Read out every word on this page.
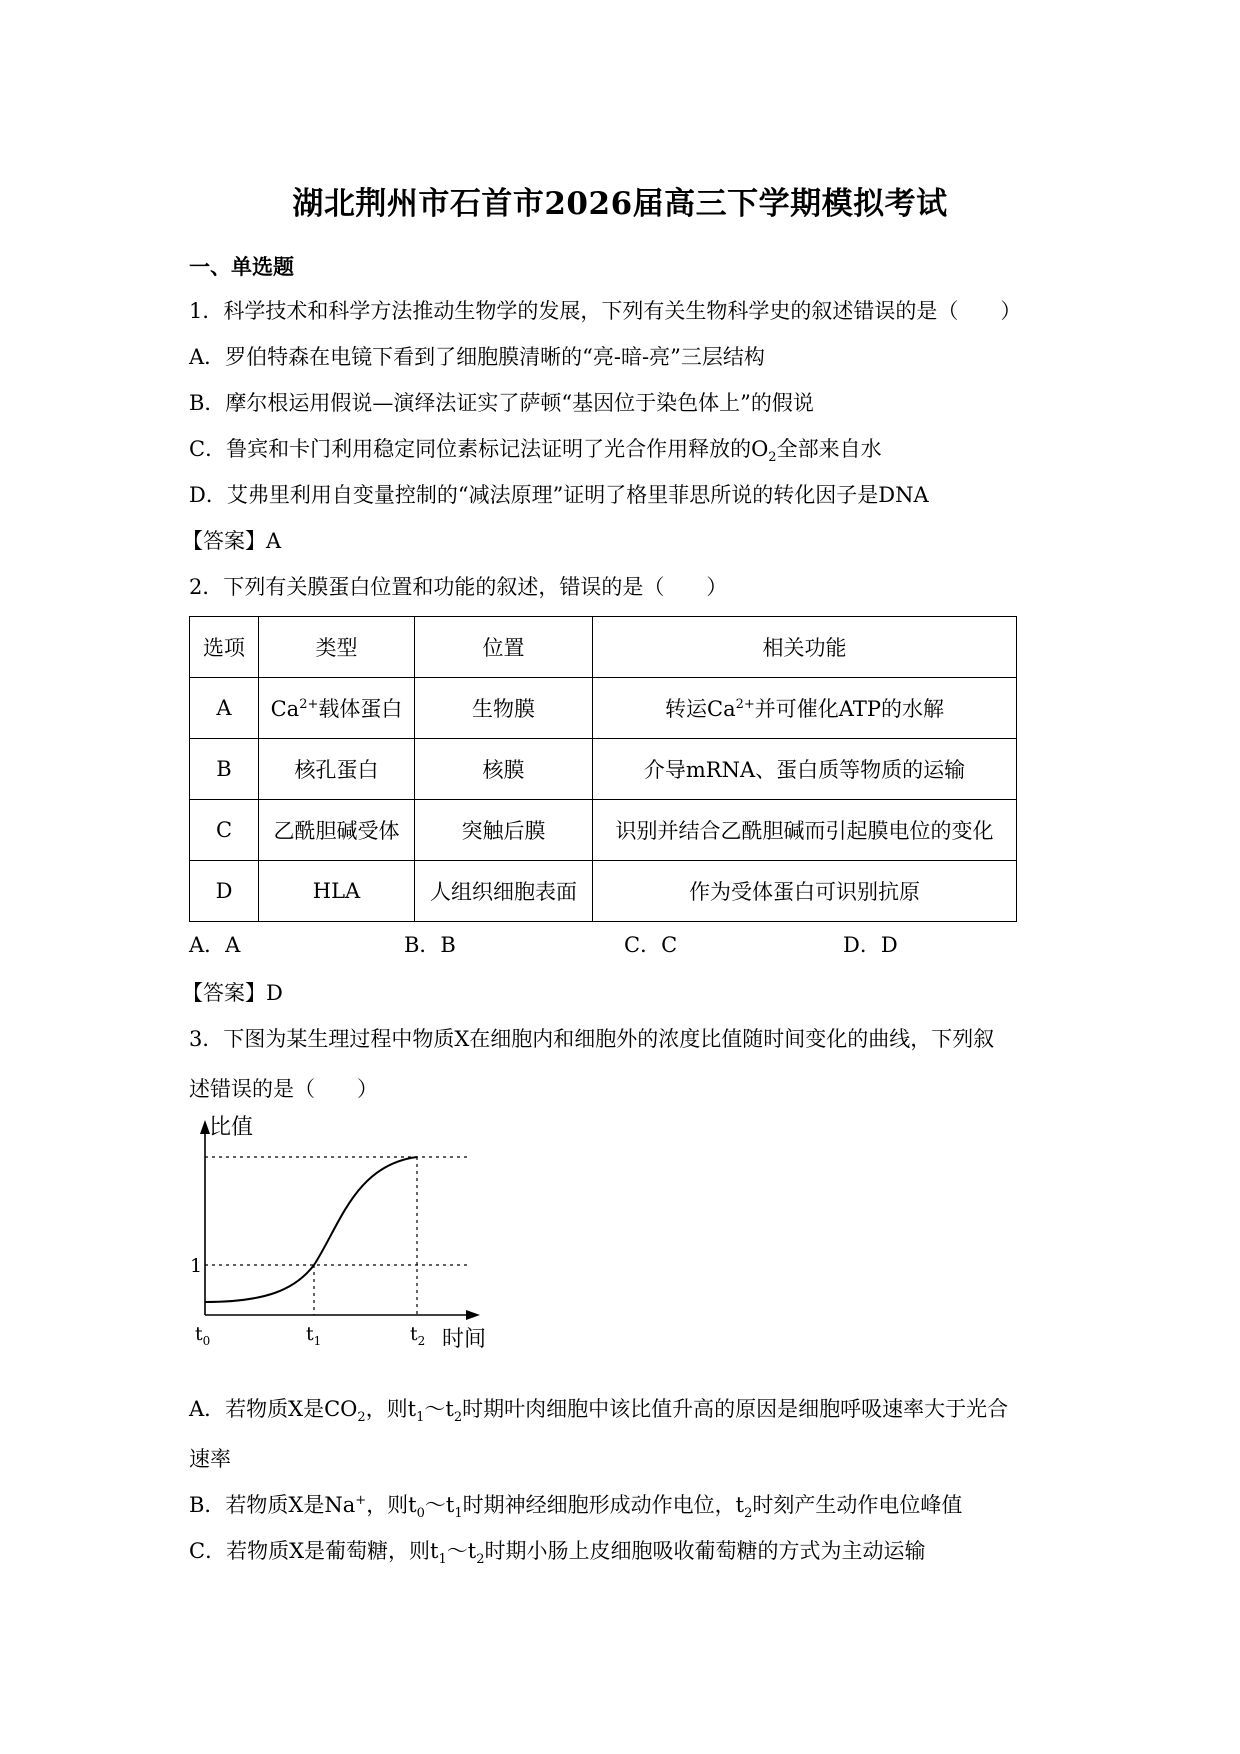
湖北荆州市石首市2026届高三下学期模拟考试
一、单选题
1．科学技术和科学方法推动生物学的发展，下列有关生物科学史的叙述错误的是（　　）
A．罗伯特森在电镜下看到了细胞膜清晰的“亮-暗-亮”三层结构
B．摩尔根运用假说—演绎法证实了萨顿“基因位于染色体上”的假说
C．鲁宾和卡门利用稳定同位素标记法证明了光合作用释放的$O_2$全部来自水
D．艾弗里利用自变量控制的“减法原理”证明了格里菲思所说的转化因子是DNA
【答案】A
2．下列有关膜蛋白位置和功能的叙述，错误的是（　　）
选项	类型	位置	相关功能
A	$Ca^{2+}$载体蛋白	生物膜	转运$Ca^{2+}$并可催化ATP的水解
B	核孔蛋白	核膜	介导mRNA、蛋白质等物质的运输
C	乙酰胆碱受体	突触后膜	识别并结合乙酰胆碱而引起膜电位的变化
D	HLA	人组织细胞表面	作为受体蛋白可识别抗原
A．A	B．B	C．C	D．D
【答案】D
3．下图为某生理过程中物质X在细胞内和细胞外的浓度比值随时间变化的曲线，下列叙
述错误的是（　　）
比值
1
时间
$t_0$	$t_1$	$t_2$
A．若物质X是$CO_2$，则$t_1\sim t_2$时期叶肉细胞中该比值升高的原因是细胞呼吸速率大于光合
速率
B．若物质X是Na+，则$t_0\sim t_1$时期神经细胞形成动作电位，$t_2$时刻产生动作电位峰值
C．若物质X是葡萄糖，则$t_1\sim t_2$时期小肠上皮细胞吸收葡萄糖的方式为主动运输
